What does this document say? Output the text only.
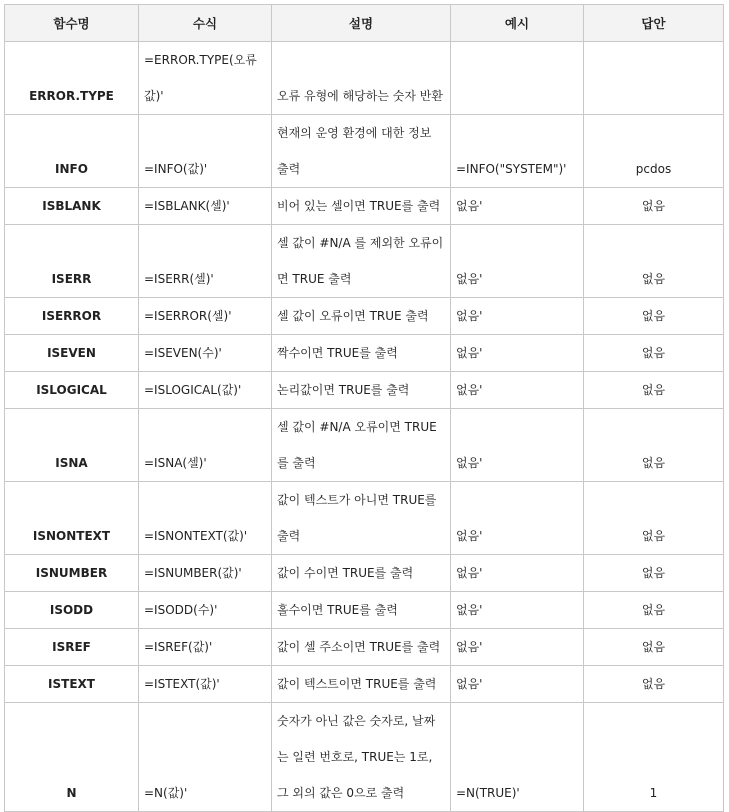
함수명	수식	설명	예시	답안
ERROR.TYPE	=ERROR.TYPE(오류값)'	오류 유형에 해당하는 숫자 반환		
INFO	=INFO(값)'	현재의 운영 환경에 대한 정보 출력	=INFO("SYSTEM")'	pcdos
ISBLANK	=ISBLANK(셀)'	비어 있는 셀이면 TRUE를 출력	없음'	없음
ISERR	=ISERR(셀)'	셀 값이 #N/A 를 제외한 오류이면 TRUE 출력	없음'	없음
ISERROR	=ISERROR(셀)'	셀 값이 오류이면 TRUE 출력	없음'	없음
ISEVEN	=ISEVEN(수)'	짝수이면 TRUE를 출력	없음'	없음
ISLOGICAL	=ISLOGICAL(값)'	논리값이면 TRUE를 출력	없음'	없음
ISNA	=ISNA(셀)'	셀 값이 #N/A 오류이면 TRUE를 출력	없음'	없음
ISNONTEXT	=ISNONTEXT(값)'	값이 텍스트가 아니면 TRUE를 출력	없음'	없음
ISNUMBER	=ISNUMBER(값)'	값이 수이면 TRUE를 출력	없음'	없음
ISODD	=ISODD(수)'	홀수이면 TRUE를 출력	없음'	없음
ISREF	=ISREF(값)'	값이 셀 주소이면 TRUE를 출력	없음'	없음
ISTEXT	=ISTEXT(값)'	값이 텍스트이면 TRUE를 출력	없음'	없음
N	=N(값)'	숫자가 아닌 값은 숫자로, 날짜는 일련 번호로, TRUE는 1로, 그 외의 값은 0으로 출력	=N(TRUE)'	1
